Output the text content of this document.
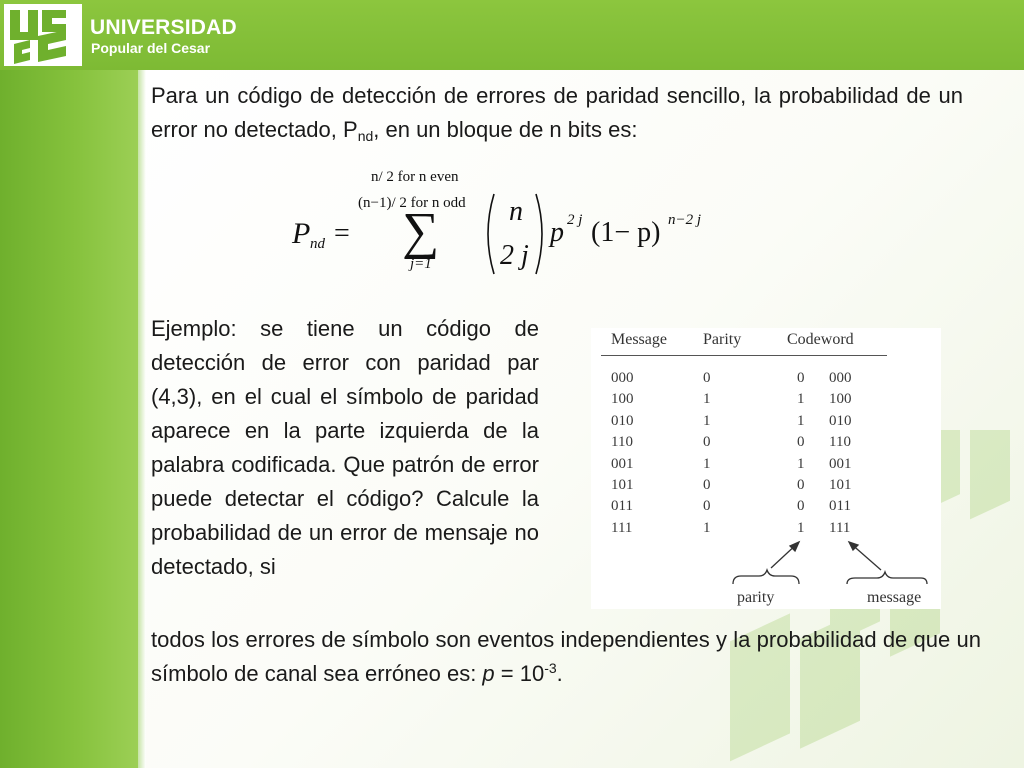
UNIVERSIDAD
Popular del Cesar

Para un código de detección de errores de paridad sencillo, la probabilidad de un error no detectado, $P_{nd}$, en un bloque de n bits es:

P nd =
n/ 2 for n even
(n−1)/ 2 for n odd
∑
j=1
n
2 j
p 2 j (1− p) n−2 j

Ejemplo: se tiene un código de detección de error con paridad par (4,3), en el cual el símbolo de paridad aparece en la parte izquierda de la palabra codificada. Que patrón de error puede detectar el código? Calcule la probabilidad de un error de mensaje no detectado, si

Message Parity	Codeword
000	0	0 000
100	1	1 100
010	1	1 010
110	0	0 110
001	1	1 001
101	0	0 101
011	0	0 011
111	1	1 111
parity	message

todos los errores de símbolo son eventos independientes y la probabilidad de que un símbolo de canal sea erróneo es: $p = 10^{-3}$.
